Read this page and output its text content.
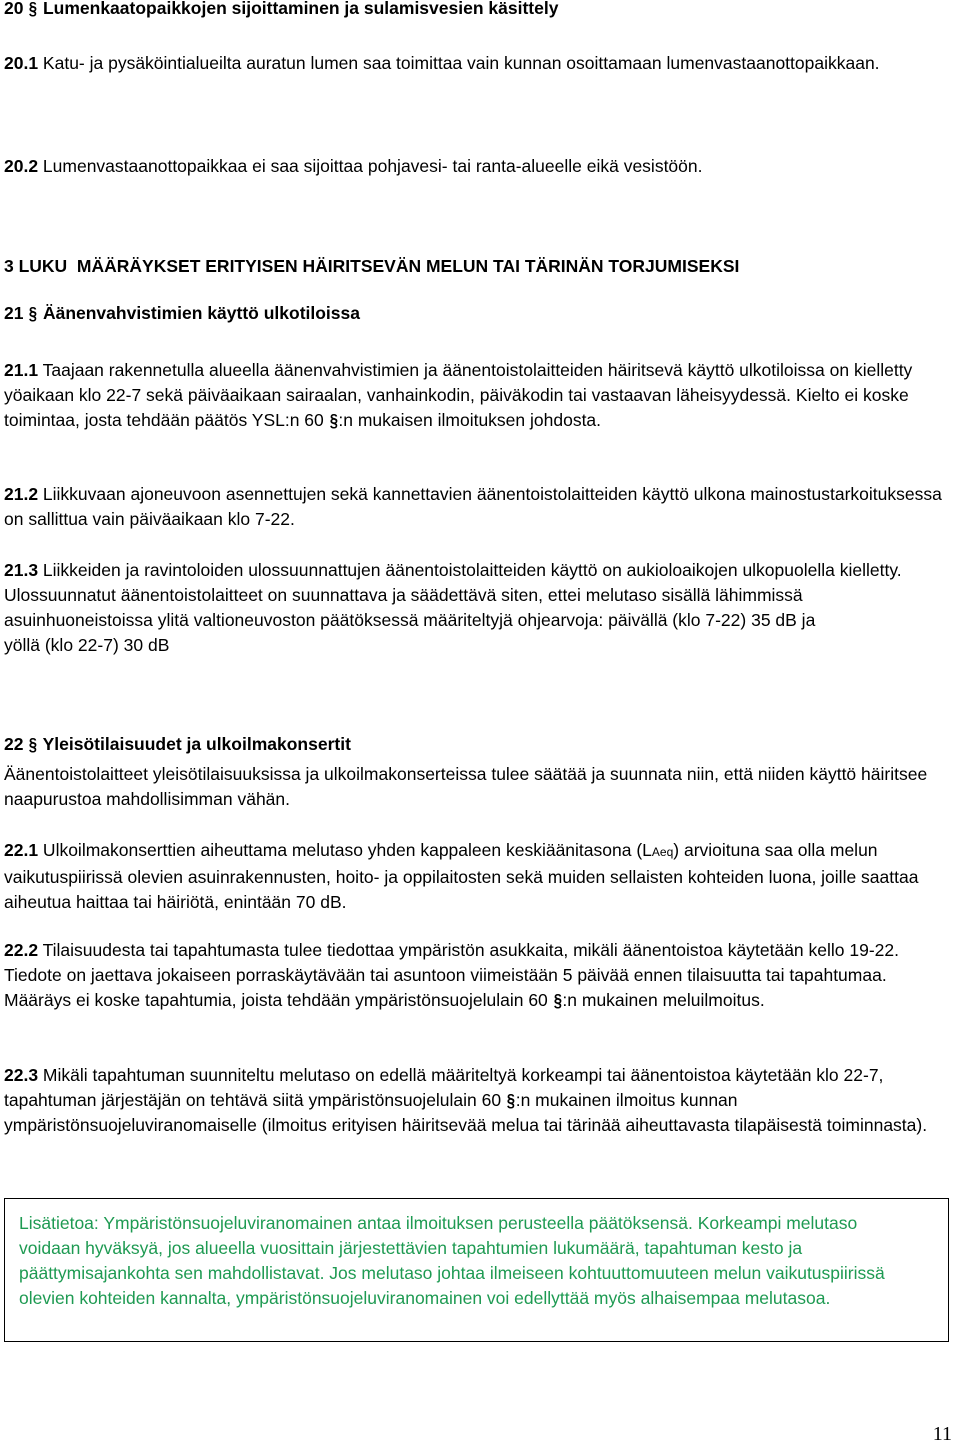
20 § Lumenkaatopaikkojen sijoittaminen ja sulamisvesien käsittely
20.1 Katu- ja pysäköintialueilta auratun lumen saa toimittaa vain kunnan osoittamaan lumenvastaanottopaikkaan.
20.2 Lumenvastaanottopaikkaa ei saa sijoittaa pohjavesi- tai ranta-alueelle eikä vesistöön.
3 LUKU  MÄÄRÄYKSET ERITYISEN HÄIRITSEVÄN MELUN TAI TÄRINÄN TORJUMISEKSI
21 § Äänenvahvistimien käyttö ulkotiloissa
21.1 Taajaan rakennetulla alueella äänenvahvistimien ja äänentoistolaitteiden häiritsevä käyttö ulkotiloissa on kielletty yöaikaan klo 22-7 sekä päiväaikaan sairaalan, vanhainkodin, päiväkodin tai vastaavan läheisyydessä. Kielto ei koske toimintaa, josta tehdään päätös YSL:n 60 §:n mukaisen ilmoituksen johdosta.
21.2 Liikkuvaan ajoneuvoon asennettujen sekä kannettavien äänentoistolaitteiden käyttö ulkona mainostustarkoituksessa on sallittua vain päiväaikaan klo 7-22.
21.3 Liikkeiden ja ravintoloiden ulossuunnattujen äänentoistolaitteiden käyttö on aukioloaikojen ulkopuolella kielletty. Ulossuunnatut äänentoistolaitteet on suunnattava ja säädettävä siten, ettei melutaso sisällä lähimmissä asuinhuoneistoissa ylitä valtioneuvoston päätöksessä määriteltyjä ohjearvoja: päivällä (klo 7-22) 35 dB ja
yöllä (klo 22-7) 30 dB
22 § Yleisötilaisuudet ja ulkoilmakonsertit
Äänentoistolaitteet yleisötilaisuuksissa ja ulkoilmakonserteissa tulee säätää ja suunnata niin, että niiden käyttö häiritsee naapurustoa mahdollisimman vähän.
22.1 Ulkoilmakonserttien aiheuttama melutaso yhden kappaleen keskiäänitasona (LAeq) arvioituna saa olla melun vaikutuspiirissä olevien asuinrakennusten, hoito- ja oppilaitosten sekä muiden sellaisten kohteiden luona, joille saattaa aiheutua haittaa tai häiriötä, enintään 70 dB.
22.2 Tilaisuudesta tai tapahtumasta tulee tiedottaa ympäristön asukkaita, mikäli äänentoistoa käytetään kello 19-22. Tiedote on jaettava jokaiseen porraskäytävään tai asuntoon viimeistään 5 päivää ennen tilaisuutta tai tapahtumaa. Määräys ei koske tapahtumia, joista tehdään ympäristönsuojelulain 60 §:n mukainen meluilmoitus.
22.3 Mikäli tapahtuman suunniteltu melutaso on edellä määriteltyä korkeampi tai äänentoistoa käytetään klo 22-7, tapahtuman järjestäjän on tehtävä siitä ympäristönsuojelulain 60 §:n mukainen ilmoitus kunnan ympäristönsuojeluviranomaiselle (ilmoitus erityisen häiritsevää melua tai tärinää aiheuttavasta tilapäisestä toiminnasta).
Lisätietoa: Ympäristönsuojeluviranomainen antaa ilmoituksen perusteella päätöksensä. Korkeampi melutaso voidaan hyväksyä, jos alueella vuosittain järjestettävien tapahtumien lukumäärä, tapahtuman kesto ja päättymisajankohta sen mahdollistavat. Jos melutaso johtaa ilmeiseen kohtuuttomuuteen melun vaikutuspiirissä olevien kohteiden kannalta, ympäristönsuojeluviranomainen voi edellyttää myös alhaisempaa melutasoa.
11
